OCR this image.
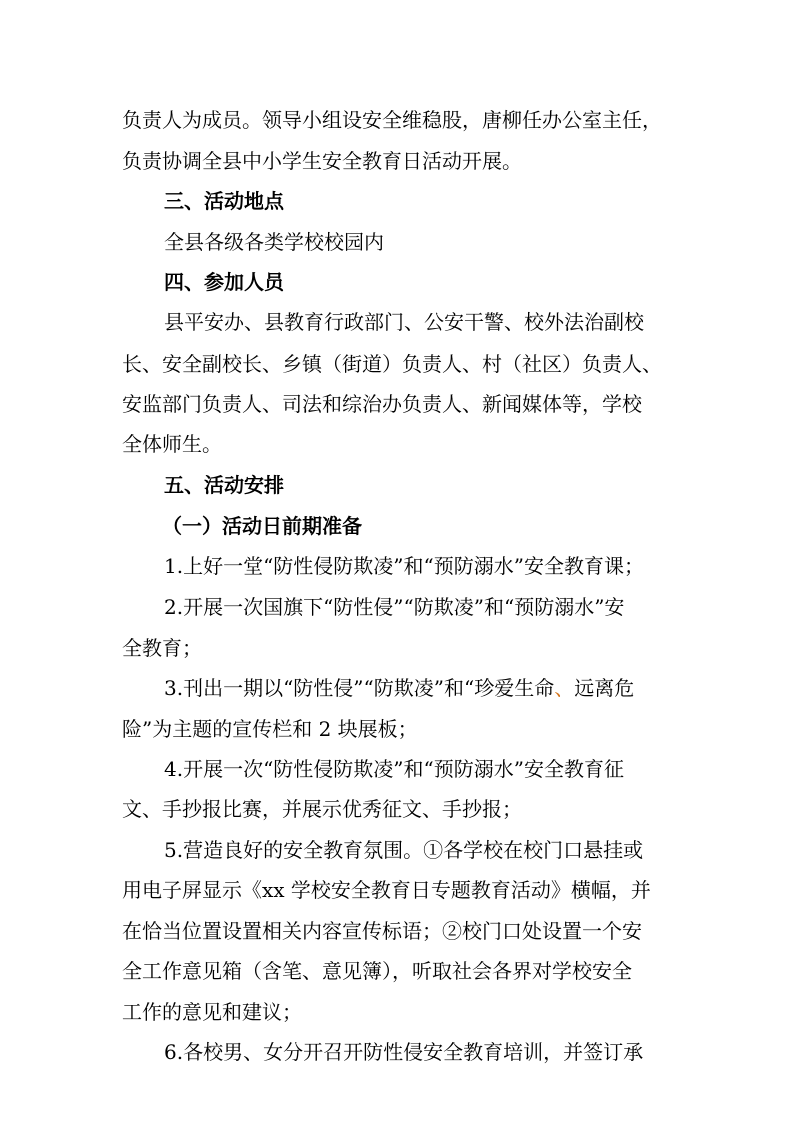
负责人为成员。领导小组设安全维稳股，唐柳任办公室主任，
负责协调全县中小学生安全教育日活动开展。
三、活动地点
全县各级各类学校校园内
四、参加人员
县平安办、县教育行政部门、公安干警、校外法治副校
长、安全副校长、乡镇（街道）负责人、村（社区）负责人、
安监部门负责人、司法和综治办负责人、新闻媒体等，学校
全体师生。
五、活动安排
（一）活动日前期准备
1.上好一堂“防性侵防欺凌”和“预防溺水”安全教育课；
2.开展一次国旗下“防性侵”“防欺凌”和“预防溺水”安
全教育；
3.刊出一期以“防性侵”“防欺凌”和“珍爱生命、远离危
险”为主题的宣传栏和 2 块展板；
4.开展一次“防性侵防欺凌”和“预防溺水”安全教育征
文、手抄报比赛，并展示优秀征文、手抄报；
5.营造良好的安全教育氛围。①各学校在校门口悬挂或
用电子屏显示《xx 学校安全教育日专题教育活动》横幅，并
在恰当位置设置相关内容宣传标语；②校门口处设置一个安
全工作意见箱（含笔、意见簿），听取社会各界对学校安全
工作的意见和建议；
6.各校男、女分开召开防性侵安全教育培训，并签订承
